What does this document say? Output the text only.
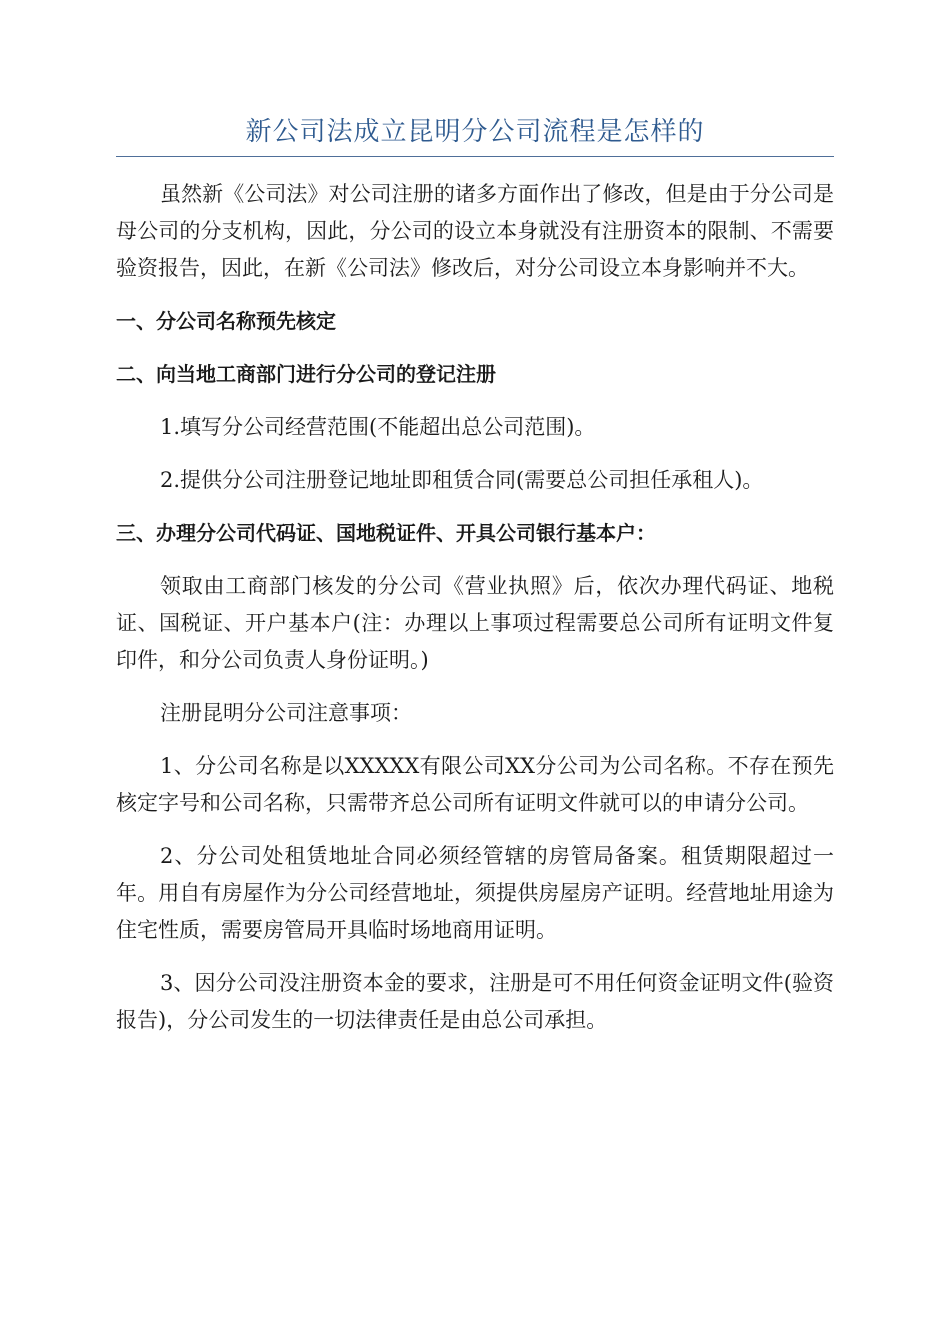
新公司法成立昆明分公司流程是怎样的

虽然新《公司法》对公司注册的诸多方面作出了修改，但是由于分公司是母公司的分支机构，因此，分公司的设立本身就没有注册资本的限制、不需要验资报告，因此，在新《公司法》修改后，对分公司设立本身影响并不大。

一、分公司名称预先核定

二、向当地工商部门进行分公司的登记注册

1.填写分公司经营范围(不能超出总公司范围)。

2.提供分公司注册登记地址即租赁合同(需要总公司担任承租人)。

三、办理分公司代码证、国地税证件、开具公司银行基本户：

领取由工商部门核发的分公司《营业执照》后，依次办理代码证、地税证、国税证、开户基本户(注：办理以上事项过程需要总公司所有证明文件复印件，和分公司负责人身份证明。)

注册昆明分公司注意事项：

1、分公司名称是以XXXXX有限公司XX分公司为公司名称。不存在预先核定字号和公司名称，只需带齐总公司所有证明文件就可以的申请分公司。

2、分公司处租赁地址合同必须经管辖的房管局备案。租赁期限超过一年。用自有房屋作为分公司经营地址，须提供房屋房产证明。经营地址用途为住宅性质，需要房管局开具临时场地商用证明。

3、因分公司没注册资本金的要求，注册是可不用任何资金证明文件(验资报告)，分公司发生的一切法律责任是由总公司承担。
